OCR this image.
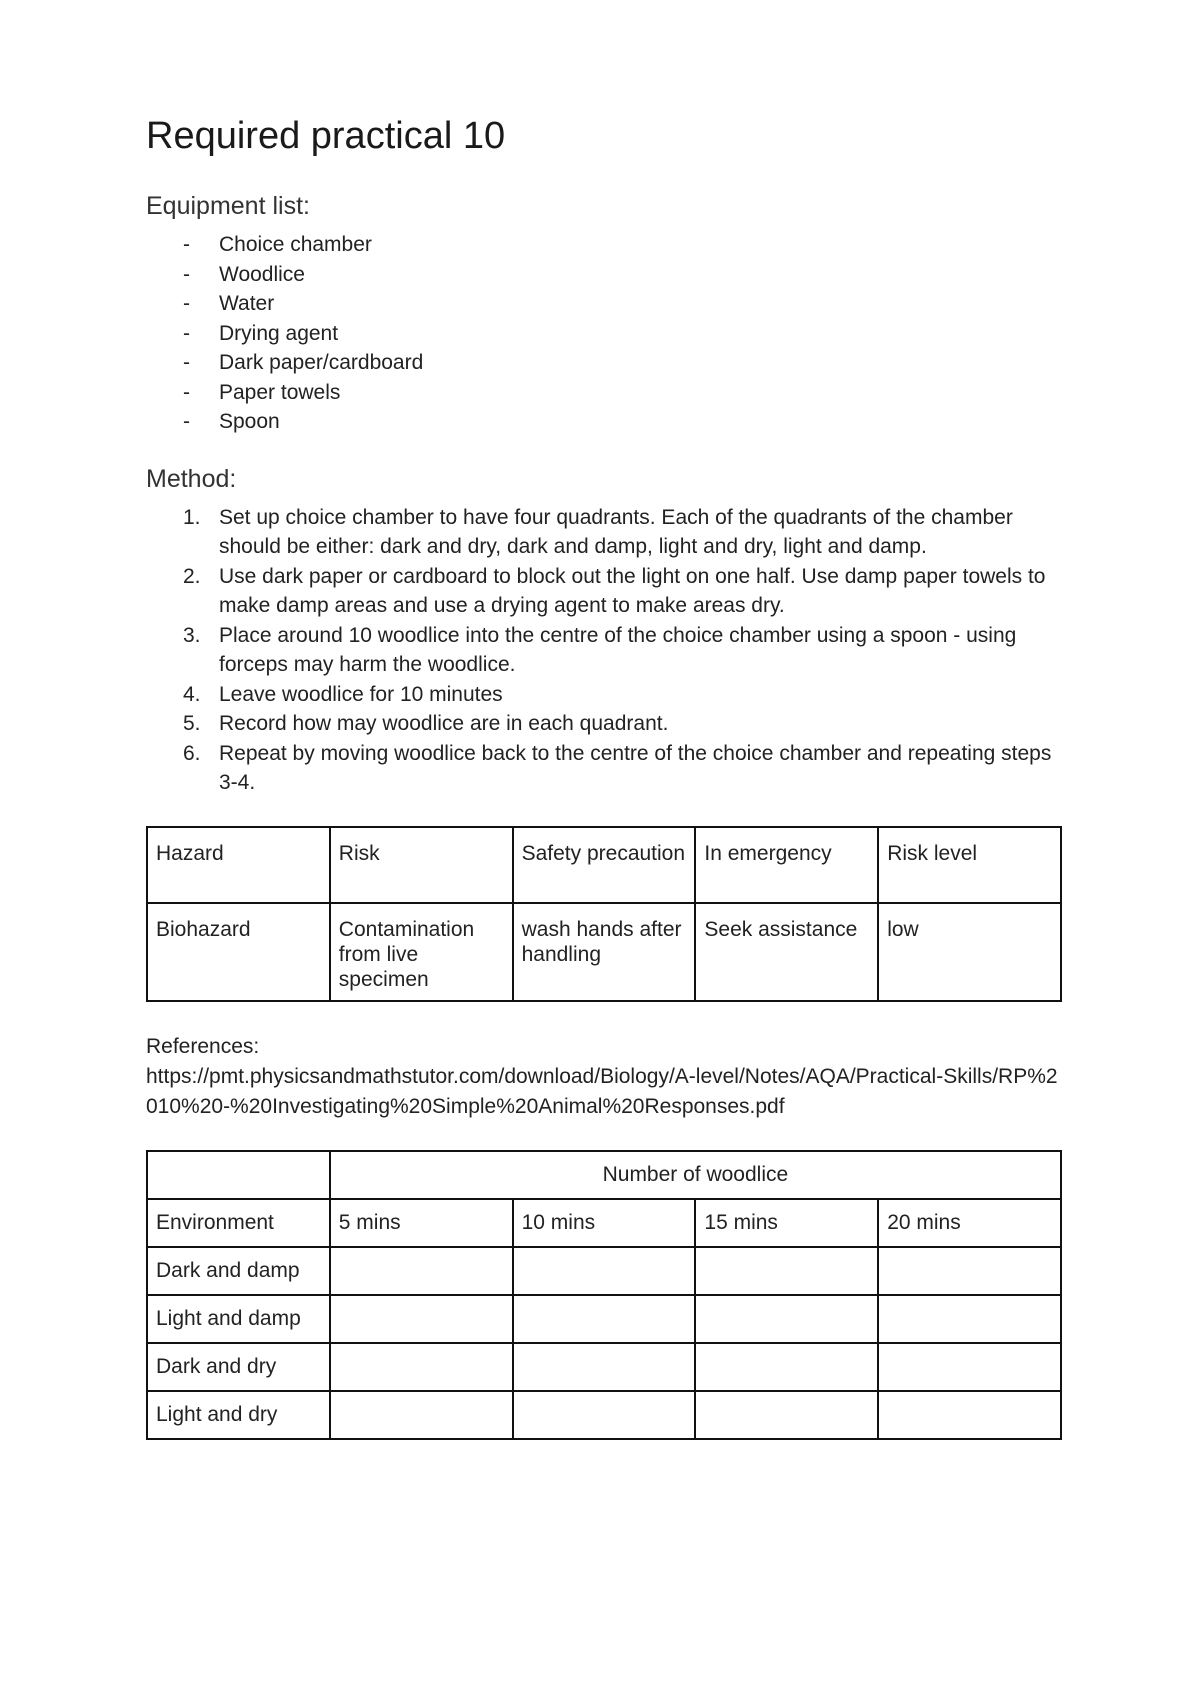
Required practical 10
Equipment list:
- Choice chamber
- Woodlice
- Water
- Drying agent
- Dark paper/cardboard
- Paper towels
- Spoon
Method:
1. Set up choice chamber to have four quadrants. Each of the quadrants of the chamber should be either: dark and dry, dark and damp, light and dry, light and damp.
2. Use dark paper or cardboard to block out the light on one half. Use damp paper towels to make damp areas and use a drying agent to make areas dry.
3. Place around 10 woodlice into the centre of the choice chamber using a spoon - using forceps may harm the woodlice.
4. Leave woodlice for 10 minutes
5. Record how may woodlice are in each quadrant.
6. Repeat by moving woodlice back to the centre of the choice chamber and repeating steps 3-4.
Hazard	Risk	Safety precaution	In emergency	Risk level
Biohazard	Contamination from live specimen	wash hands after handling	Seek assistance	low
References:
https://pmt.physicsandmathstutor.com/download/Biology/A-level/Notes/AQA/Practical-Skills/RP%2010%20-%20Investigating%20Simple%20Animal%20Responses.pdf
	Number of woodlice			
Environment	5 mins	10 mins	15 mins	20 mins
Dark and damp				
Light and damp				
Dark and dry				
Light and dry				
